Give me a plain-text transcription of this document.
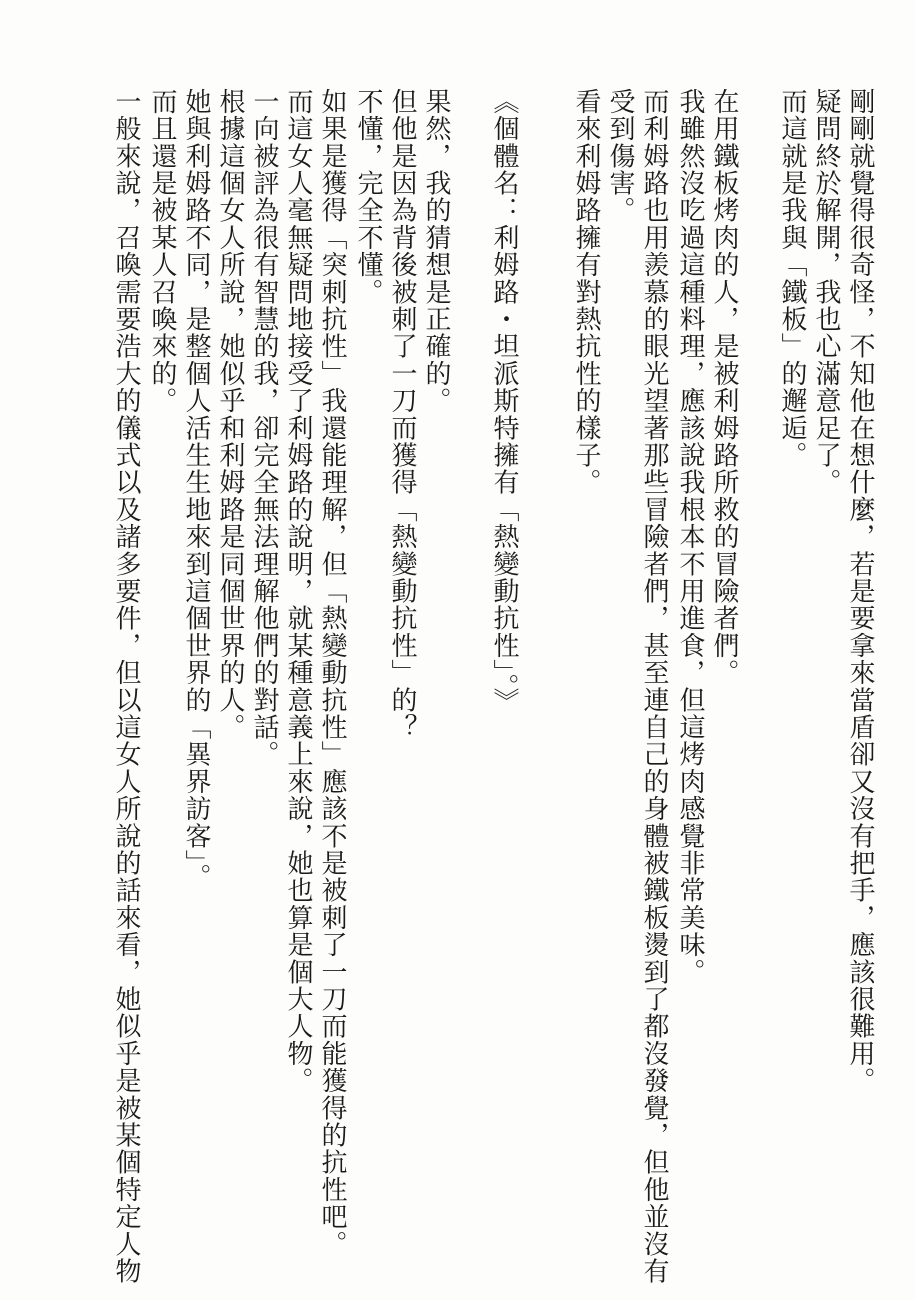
剛剛就覺得很奇怪，不知他在想什麼，若是要拿來當盾卻又沒有把手，應該很難用。
疑問終於解開，我也心滿意足了。
而這就是我與「鐵板」的邂逅。
在用鐵板烤肉的人，是被利姆路所救的冒險者們。
我雖然沒吃過這種料理，應該說我根本不用進食，但這烤肉感覺非常美味。
而利姆路也用羨慕的眼光望著那些冒險者們，甚至連自己的身體被鐵板燙到了都沒發覺，但他並沒有
受到傷害。
看來利姆路擁有對熱抗性的樣子。
《個體名：利姆路・坦派斯特擁有「熱變動抗性」。》
果然，我的猜想是正確的。
但他是因為背後被刺了一刀而獲得「熱變動抗性」的？
不懂，完全不懂。
如果是獲得「突刺抗性」我還能理解，但「熱變動抗性」應該不是被刺了一刀而能獲得的抗性吧。
而這女人毫無疑問地接受了利姆路的說明，就某種意義上來說，她也算是個大人物。
一向被評為很有智慧的我，卻完全無法理解他們的對話。
根據這個女人所說，她似乎和利姆路是同個世界的人。
她與利姆路不同，是整個人活生生地來到這個世界的「異界訪客」。
而且還是被某人召喚來的。
一般來說，召喚需要浩大的儀式以及諸多要件，但以這女人所說的話來看，她似乎是被某個特定人物
